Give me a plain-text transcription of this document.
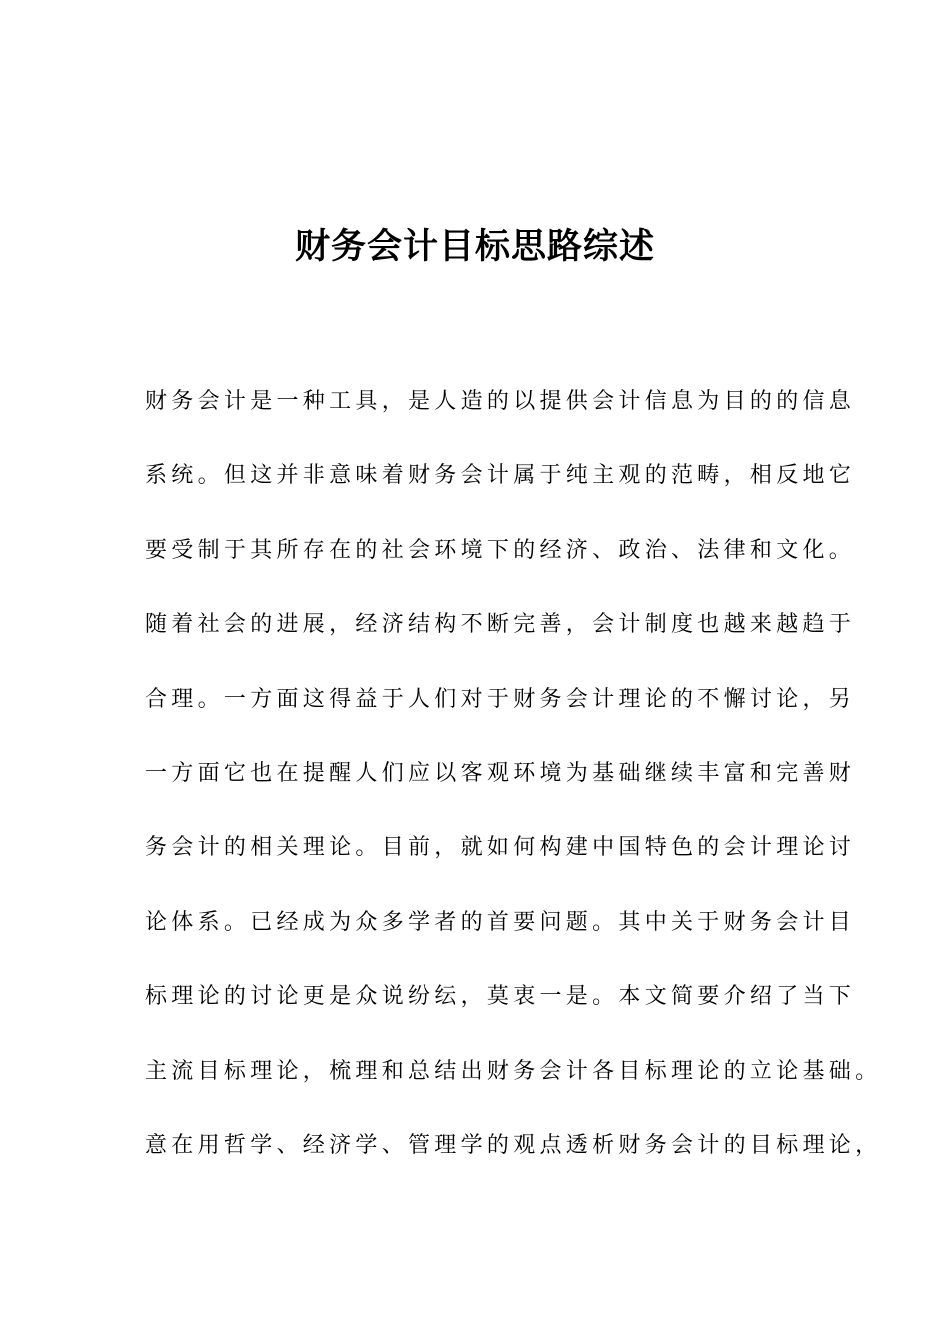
财务会计目标思路综述
财务会计是一种工具，是人造的以提供会计信息为目的的信息
系统。但这并非意味着财务会计属于纯主观的范畴，相反地它
要受制于其所存在的社会环境下的经济、政治、法律和文化。
随着社会的进展，经济结构不断完善，会计制度也越来越趋于
合理。一方面这得益于人们对于财务会计理论的不懈讨论，另
一方面它也在提醒人们应以客观环境为基础继续丰富和完善财
务会计的相关理论。目前，就如何构建中国特色的会计理论讨
论体系。已经成为众多学者的首要问题。其中关于财务会计目
标理论的讨论更是众说纷纭，莫衷一是。本文简要介绍了当下
主流目标理论，梳理和总结出财务会计各目标理论的立论基础。
意在用哲学、经济学、管理学的观点透析财务会计的目标理论，
